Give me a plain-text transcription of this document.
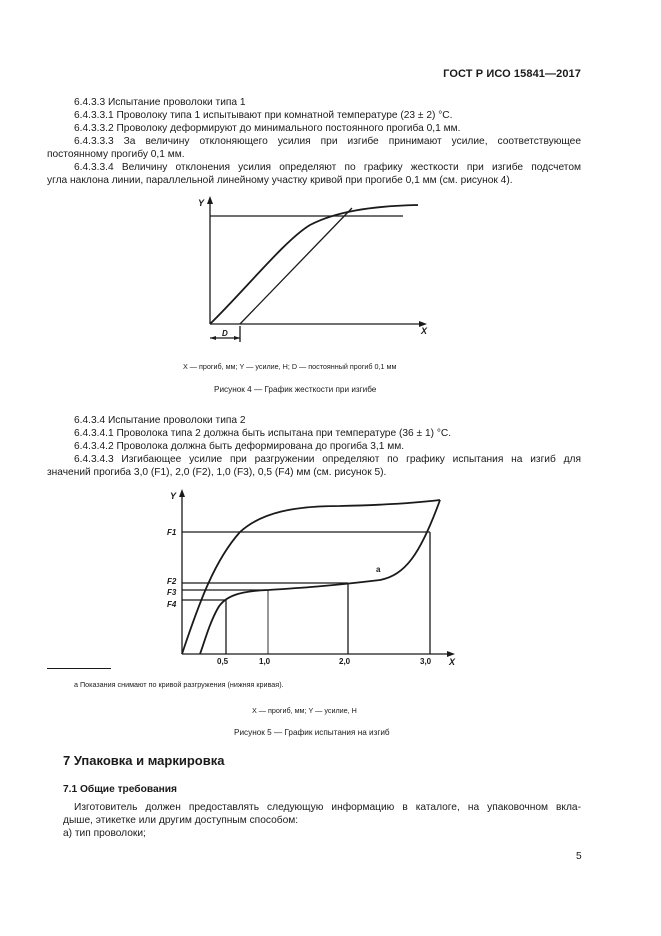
ГОСТ Р ИСО 15841—2017
6.4.3.3 Испытание проволоки типа 1
6.4.3.3.1 Проволоку типа 1 испытывают при комнатной температуре (23 ± 2) °С.
6.4.3.3.2 Проволоку деформируют до минимального постоянного прогиба 0,1 мм.
6.4.3.3.3 За величину отклоняющего усилия при изгибе принимают усилие, соответствующее
постоянному прогибу 0,1 мм.
6.4.3.3.4 Величину отклонения усилия определяют по графику жесткости при изгибе подсчетом
угла наклона линии, параллельной линейному участку кривой при прогибе 0,1 мм (см. рисунок 4).
Y
X
D
X — прогиб, мм; Y — усилие, Н; D — постоянный прогиб 0,1 мм
Рисунок 4 — График жесткости при изгибе
6.4.3.4 Испытание проволоки типа 2
6.4.3.4.1 Проволока типа 2 должна быть испытана при температуре (36 ± 1) °С.
6.4.3.4.2 Проволока должна быть деформирована до прогиба 3,1 мм.
6.4.3.4.3 Изгибающее усилие при разгружении определяют по графику испытания на изгиб для
значений прогиба 3,0 (F1), 2,0 (F2), 1,0 (F3), 0,5 (F4) мм (см. рисунок 5).
Y
X
F1
F2
F3
F4
0,5	1,0	2,0	3,0
a
a Показания снимают по кривой разгружения (нижняя кривая).
X — прогиб, мм; Y — усилие, Н
Рисунок 5 — График испытания на изгиб
7 Упаковка и маркировка
7.1 Общие требования
Изготовитель должен предоставлять следующую информацию в каталоге, на упаковочном вкла-
дыше, этикетке или другим доступным способом:
а) тип проволоки;
5
